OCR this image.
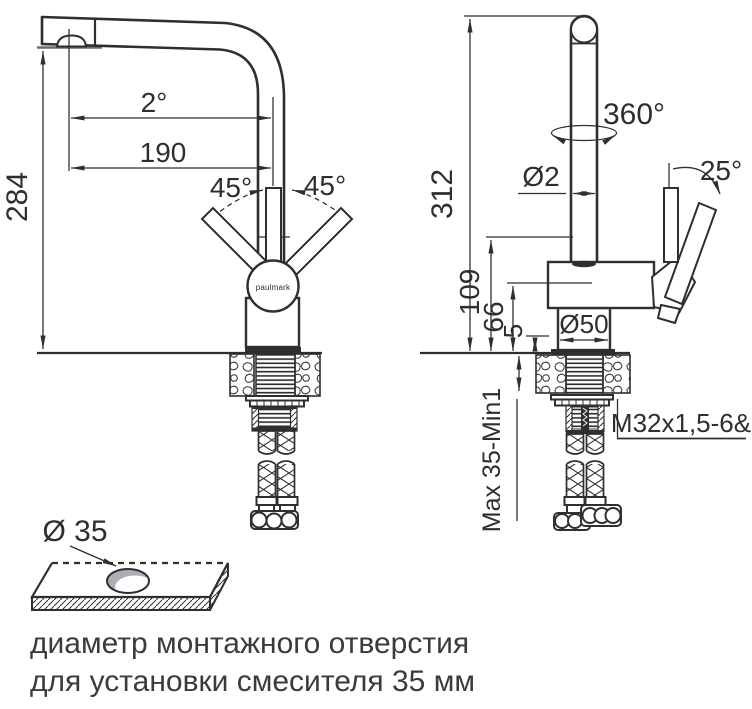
2°
190
284	45° 45°
paulmark
312
360°
Ø2	25°
109
66
5 Ø50
Max 35-Min1	M32x1,5-6&
Ø 35
диаметр монтажного отверстия
для установки смесителя 35 мм
